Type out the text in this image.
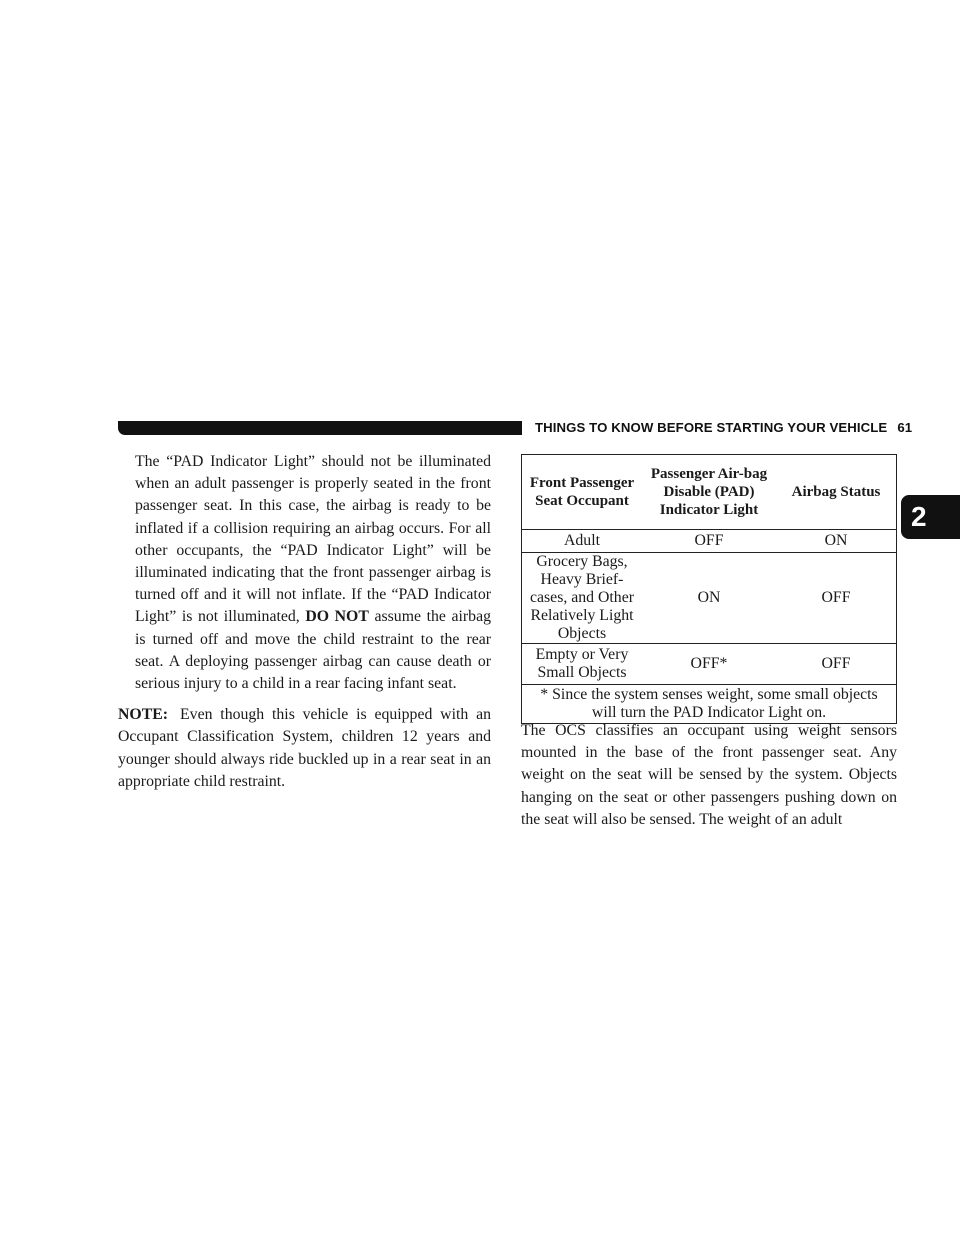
THINGS TO KNOW BEFORE STARTING YOUR VEHICLE 61
2

The “PAD Indicator Light” should not be illuminated when an adult passenger is properly seated in the front passenger seat. In this case, the airbag is ready to be inflated if a collision requiring an airbag occurs. For all other occupants, the “PAD Indicator Light” will be illuminated indicating that the front passenger airbag is turned off and it will not inflate. If the “PAD Indicator Light” is not illuminated, DO NOT assume the airbag is turned off and move the child restraint to the rear seat. A deploying passenger airbag can cause death or serious injury to a child in a rear facing infant seat.

NOTE: Even though this vehicle is equipped with an Occupant Classification System, children 12 years and younger should always ride buckled up in a rear seat in an appropriate child restraint.

Front Passenger Seat Occupant	Passenger Air-bag Disable (PAD) Indicator Light	Airbag Status
Adult	OFF	ON
Grocery Bags, Heavy Brief-cases, and Other Relatively Light Objects	ON	OFF
Empty or Very Small Objects	OFF*	OFF
* Since the system senses weight, some small objects will turn the PAD Indicator Light on.		

The OCS classifies an occupant using weight sensors mounted in the base of the front passenger seat. Any weight on the seat will be sensed by the system. Objects hanging on the seat or other passengers pushing down on the seat will also be sensed. The weight of an adult
